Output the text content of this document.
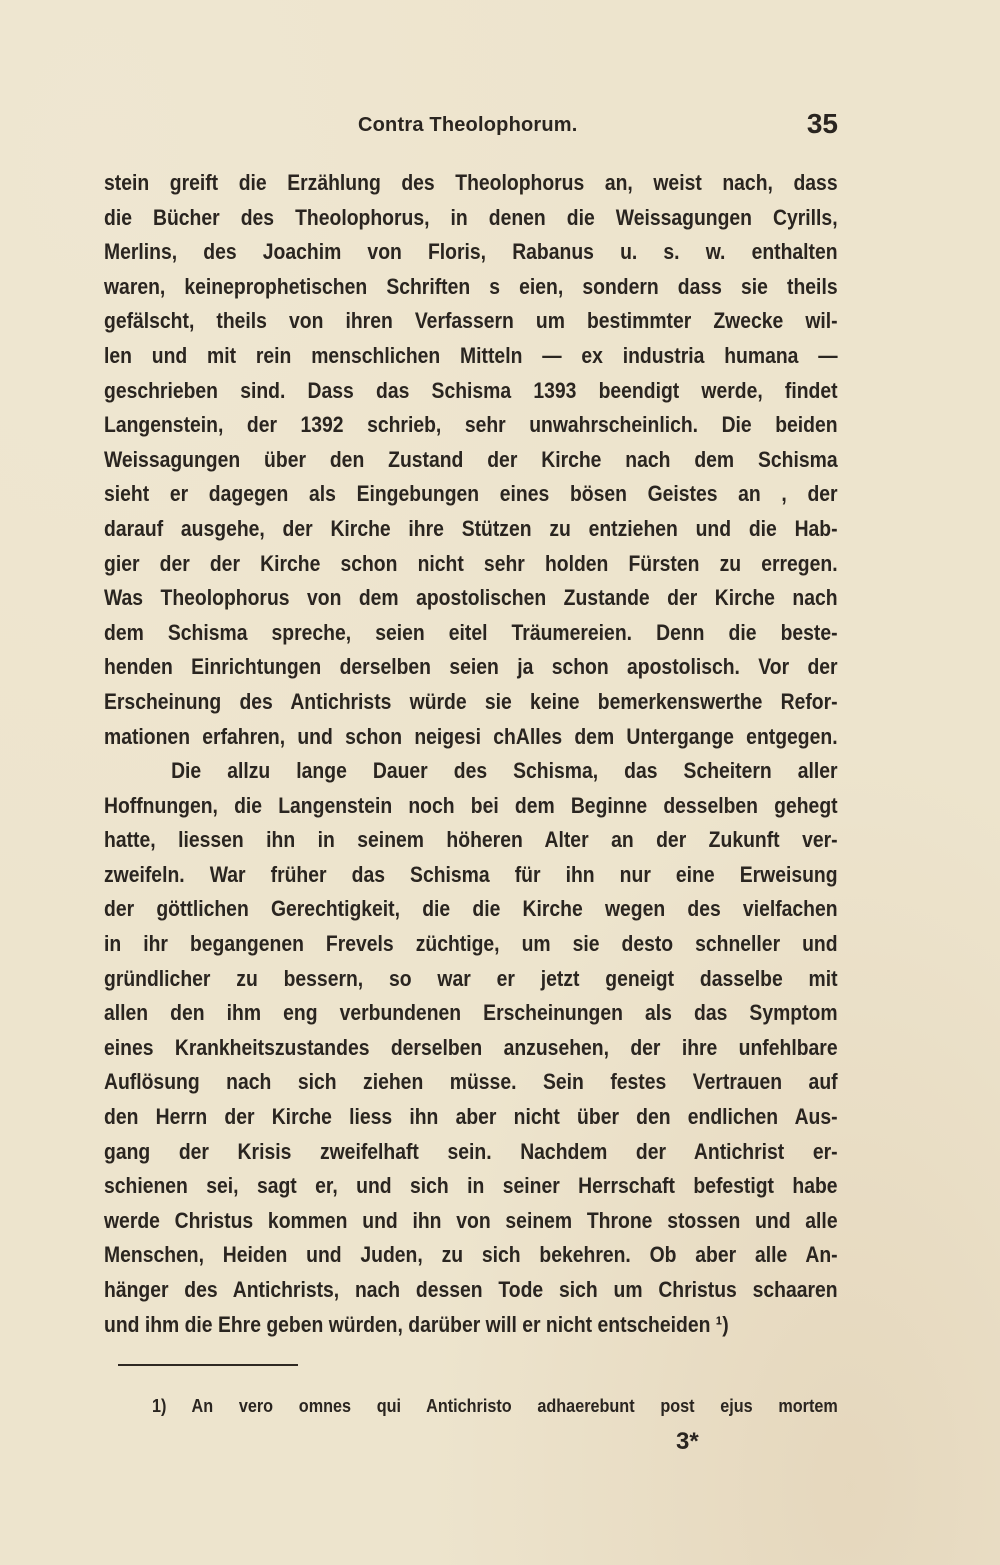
Contra Theolophorum.	35
stein greift die Erzählung des Theolophorus an, weist nach, dass
die Bücher des Theolophorus, in denen die Weissagungen Cyrills,
Merlins, des Joachim von Floris, Rabanus u. s. w. enthalten
waren, keineprophetischen Schriften s eien, sondern dass sie theils
gefälscht, theils von ihren Verfassern um bestimmter Zwecke wil-
len und mit rein menschlichen Mitteln — ex industria humana —
geschrieben sind. Dass das Schisma 1393 beendigt werde, findet
Langenstein, der 1392 schrieb, sehr unwahrscheinlich. Die beiden
Weissagungen über den Zustand der Kirche nach dem Schisma
sieht er dagegen als Eingebungen eines bösen Geistes an , der
darauf ausgehe, der Kirche ihre Stützen zu entziehen und die Hab-
gier der der Kirche schon nicht sehr holden Fürsten zu erregen.
Was Theolophorus von dem apostolischen Zustande der Kirche nach
dem Schisma spreche, seien eitel Träumereien. Denn die beste-
henden Einrichtungen derselben seien ja schon apostolisch. Vor der
Erscheinung des Antichrists würde sie keine bemerkenswerthe Refor-
mationen erfahren, und schon neigesi chAlles dem Untergange entgegen.
Die allzu lange Dauer des Schisma, das Scheitern aller
Hoffnungen, die Langenstein noch bei dem Beginne desselben gehegt
hatte, liessen ihn in seinem höheren Alter an der Zukunft ver-
zweifeln. War früher das Schisma für ihn nur eine Erweisung
der göttlichen Gerechtigkeit, die die Kirche wegen des vielfachen
in ihr begangenen Frevels züchtige, um sie desto schneller und
gründlicher zu bessern, so war er jetzt geneigt dasselbe mit
allen den ihm eng verbundenen Erscheinungen als das Symptom
eines Krankheitszustandes derselben anzusehen, der ihre unfehlbare
Auflösung nach sich ziehen müsse. Sein festes Vertrauen auf
den Herrn der Kirche liess ihn aber nicht über den endlichen Aus-
gang der Krisis zweifelhaft sein. Nachdem der Antichrist er-
schienen sei, sagt er, und sich in seiner Herrschaft befestigt habe
werde Christus kommen und ihn von seinem Throne stossen und alle
Menschen, Heiden und Juden, zu sich bekehren. Ob aber alle An-
hänger des Antichrists, nach dessen Tode sich um Christus schaaren
und ihm die Ehre geben würden, darüber will er nicht entscheiden ¹)
1) An vero omnes qui Antichristo adhaerebunt post ejus mortem
3*
